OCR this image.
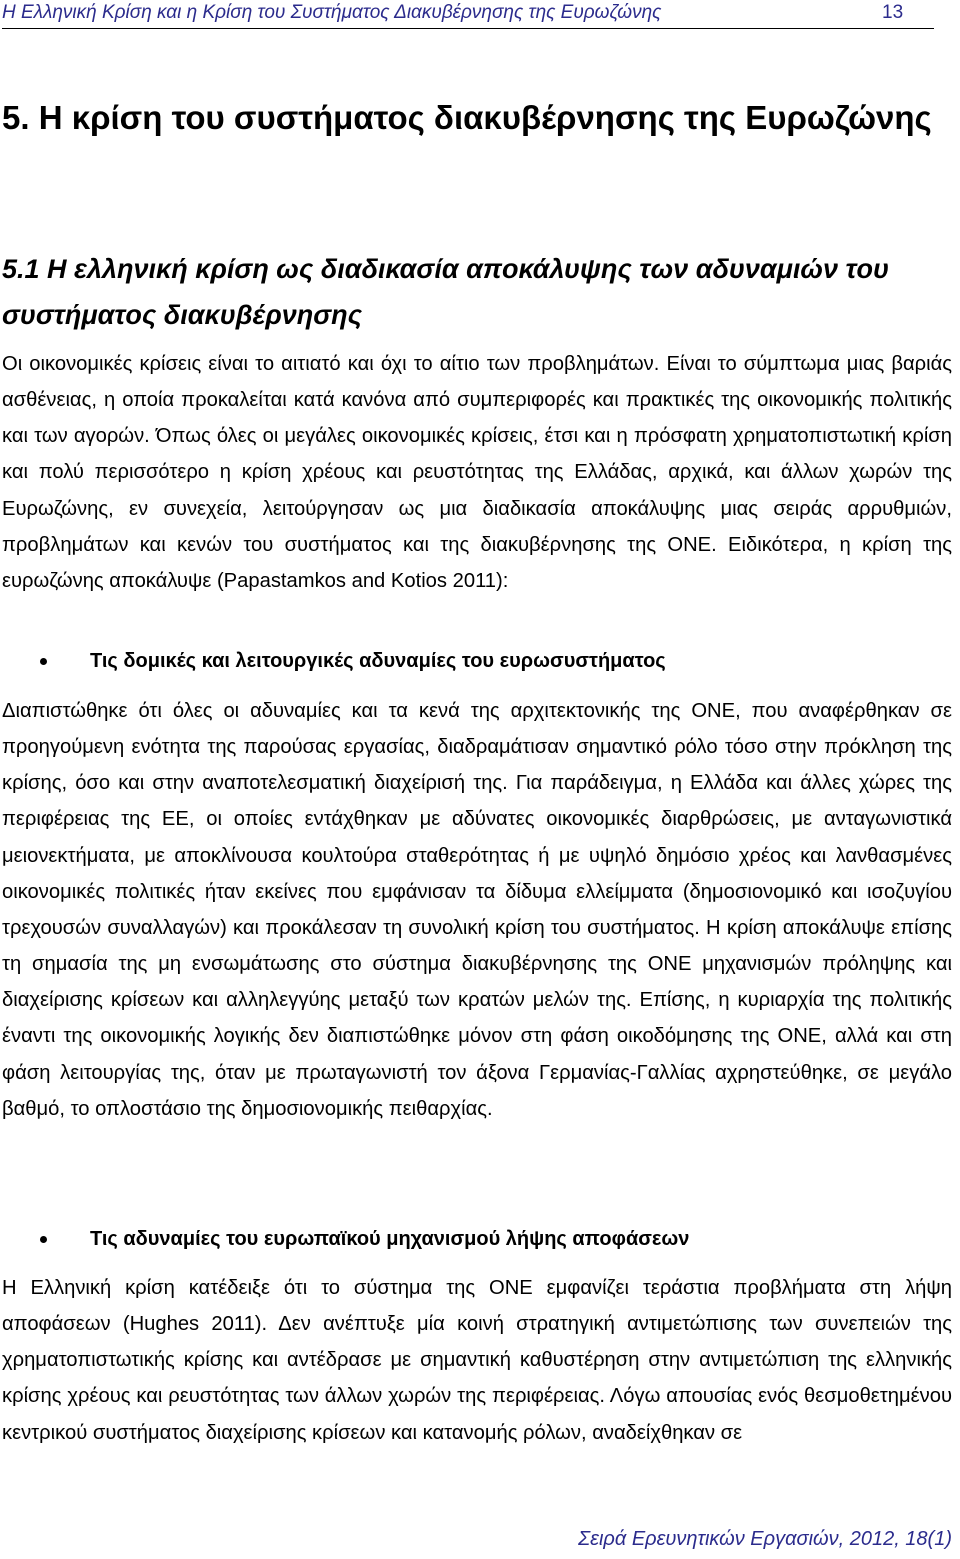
Η Ελληνική Κρίση και η Κρίση του Συστήματος Διακυβέρνησης της Ευρωζώνης	13
5. Η κρίση του συστήματος διακυβέρνησης της Ευρωζώνης
5.1 Η ελληνική κρίση ως διαδικασία αποκάλυψης των αδυναμιών του συστήματος διακυβέρνησης

Οι οικονομικές κρίσεις είναι το αιτιατό και όχι το αίτιο των προβλημάτων. Είναι το σύμπτωμα μιας βαριάς ασθένειας, η οποία προκαλείται κατά κανόνα από συμπεριφορές και πρακτικές της οικονομικής πολιτικής και των αγορών. Όπως όλες οι μεγάλες οικονομικές κρίσεις, έτσι και η πρόσφατη χρηματοπιστωτική κρίση και πολύ περισσότερο η κρίση χρέους και ρευστότητας της Ελλάδας, αρχικά, και άλλων χωρών της Ευρωζώνης, εν συνεχεία, λειτούργησαν ως μια διαδικασία αποκάλυψης μιας σειράς αρρυθμιών, προβλημάτων και κενών του συστήματος και της διακυβέρνησης της ΟΝΕ. Ειδικότερα, η κρίση της ευρωζώνης αποκάλυψε (Papastamkos and Kotios 2011):

Τις δομικές και λειτουργικές αδυναμίες του ευρωσυστήματος

Διαπιστώθηκε ότι όλες οι αδυναμίες και τα κενά της αρχιτεκτονικής της ΟΝΕ, που αναφέρθηκαν σε προηγούμενη ενότητα της παρούσας εργασίας, διαδραμάτισαν σημαντικό ρόλο τόσο στην πρόκληση της κρίσης, όσο και στην αναποτελεσματική διαχείρισή της. Για παράδειγμα, η Ελλάδα και άλλες χώρες της περιφέρειας της ΕΕ, οι οποίες εντάχθηκαν με αδύνατες οικονομικές διαρθρώσεις, με ανταγωνιστικά μειονεκτήματα, με αποκλίνουσα κουλτούρα σταθερότητας ή με υψηλό δημόσιο χρέος και λανθασμένες οικονομικές πολιτικές ήταν εκείνες που εμφάνισαν τα δίδυμα ελλείμματα (δημοσιονομικό και ισοζυγίου τρεχουσών συναλλαγών) και προκάλεσαν τη συνολική κρίση του συστήματος. Η κρίση αποκάλυψε επίσης τη σημασία της μη ενσωμάτωσης στο σύστημα διακυβέρνησης της ΟΝΕ μηχανισμών πρόληψης και διαχείρισης κρίσεων και αλληλεγγύης μεταξύ των κρατών μελών της. Επίσης, η κυριαρχία της πολιτικής έναντι της οικονομικής λογικής δεν διαπιστώθηκε μόνον στη φάση οικοδόμησης της ΟΝΕ, αλλά και στη φάση λειτουργίας της, όταν με πρωταγωνιστή τον άξονα Γερμανίας-Γαλλίας αχρηστεύθηκε, σε μεγάλο βαθμό, το οπλοστάσιο της δημοσιονομικής πειθαρχίας.

Τις αδυναμίες του ευρωπαϊκού μηχανισμού λήψης αποφάσεων

Η Ελληνική κρίση κατέδειξε ότι το σύστημα της ΟΝΕ εμφανίζει τεράστια προβλήματα στη λήψη αποφάσεων (Hughes 2011). Δεν ανέπτυξε μία κοινή στρατηγική αντιμετώπισης των συνεπειών της χρηματοπιστωτικής κρίσης και αντέδρασε με σημαντική καθυστέρηση στην αντιμετώπιση της ελληνικής κρίσης χρέους και ρευστότητας των άλλων χωρών της περιφέρειας. Λόγω απουσίας ενός θεσμοθετημένου κεντρικού συστήματος διαχείρισης κρίσεων και κατανομής ρόλων, αναδείχθηκαν σε

Σειρά Ερευνητικών Εργασιών, 2012, 18(1)
